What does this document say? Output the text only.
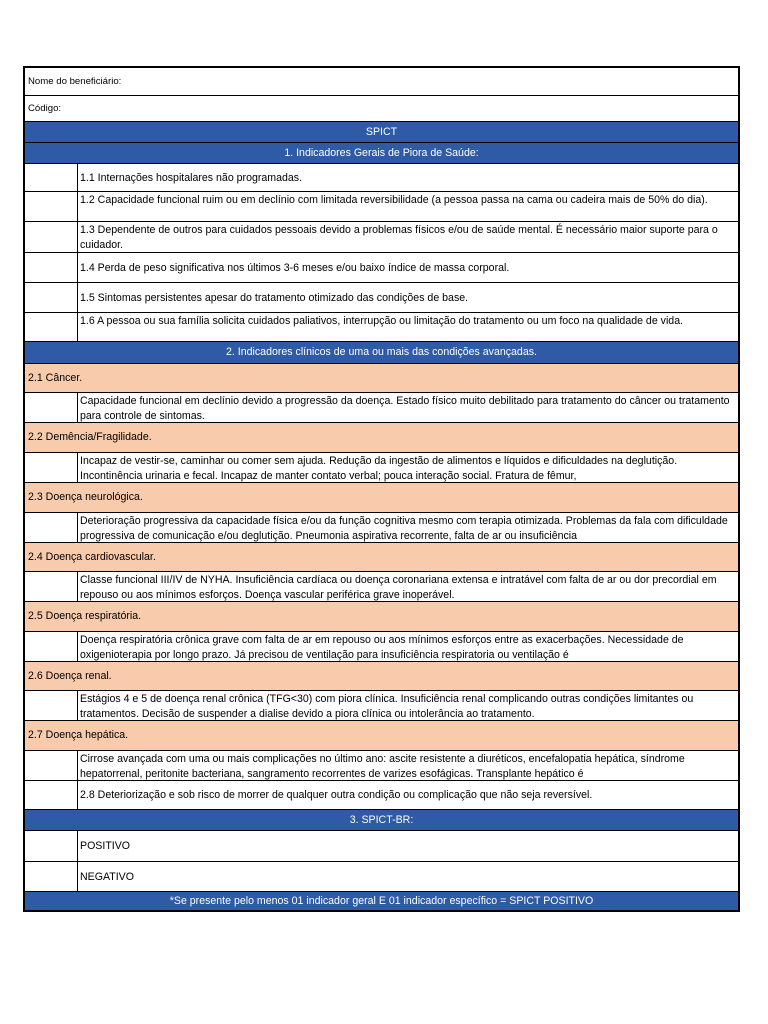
Nome do beneficiário:
Código:
SPICT
1. Indicadores Gerais de Piora de Saúde:
1.1 Internações hospitalares não programadas.
1.2 Capacidade funcional ruim ou em declínio com limitada reversibilidade (a pessoa passa na cama ou cadeira mais de 50% do dia).
1.3 Dependente de outros para cuidados pessoais devido a problemas físicos e/ou de saúde mental. É necessário maior suporte para o cuidador.
1.4 Perda de peso significativa nos últimos 3-6 meses e/ou baixo índice de massa corporal.
1.5 Sintomas persistentes apesar do tratamento otimizado das condições de base.
1.6 A pessoa ou sua família solicita cuidados paliativos, interrupção ou limitação do tratamento ou um foco na qualidade de vida.
2. Indicadores clínicos de uma ou mais das condições avançadas.
2.1 Câncer.
Capacidade funcional em declínio devido a progressão da doença. Estado físico muito debilitado para tratamento do câncer ou tratamento para controle de sintomas.
2.2 Demência/Fragilidade.
Incapaz de vestir-se, caminhar ou comer sem ajuda. Redução da ingestão de alimentos e líquidos e dificuldades na deglutição. Incontinência urinaria e fecal. Incapaz de manter contato verbal; pouca interação social. Fratura de fêmur,
2.3 Doença neurológica.
Deterioração progressiva da capacidade física e/ou da função cognitiva mesmo com terapia otimizada. Problemas da fala com dificuldade progressiva de comunicação e/ou deglutição. Pneumonia aspirativa recorrente, falta de ar ou insuficiência
2.4 Doença cardiovascular.
Classe funcional III/IV de NYHA. Insuficiência cardíaca ou doença coronariana extensa e intratável com falta de ar ou dor precordial em repouso ou aos mínimos esforços. Doença vascular periférica grave inoperável.
2.5 Doença respiratória.
Doença respiratória crônica grave com falta de ar em repouso ou aos mínimos esforços entre as exacerbações. Necessidade de oxigenioterapia por longo prazo. Já precisou de ventilação para insuficiência respiratoria ou ventilação é
2.6 Doença renal.
Estágios 4 e 5 de doença renal crônica (TFG<30) com piora clínica. Insuficiência renal complicando outras condições limitantes ou tratamentos. Decisão de suspender a dialise devido a piora clínica ou intolerância ao tratamento.
2.7 Doença hepática.
Cirrose avançada com uma ou mais complicações no último ano: ascite resistente a diuréticos, encefalopatia hepática, síndrome hepatorrenal, peritonite bacteriana, sangramento recorrentes de varizes esofágicas. Transplante hepático é
2.8 Deteriorização e sob risco de morrer de qualquer outra condição ou complicação que não seja reversível.
3. SPICT-BR:
POSITIVO
NEGATIVO
*Se presente pelo menos 01 indicador geral E 01 indicador específico = SPICT POSITIVO
